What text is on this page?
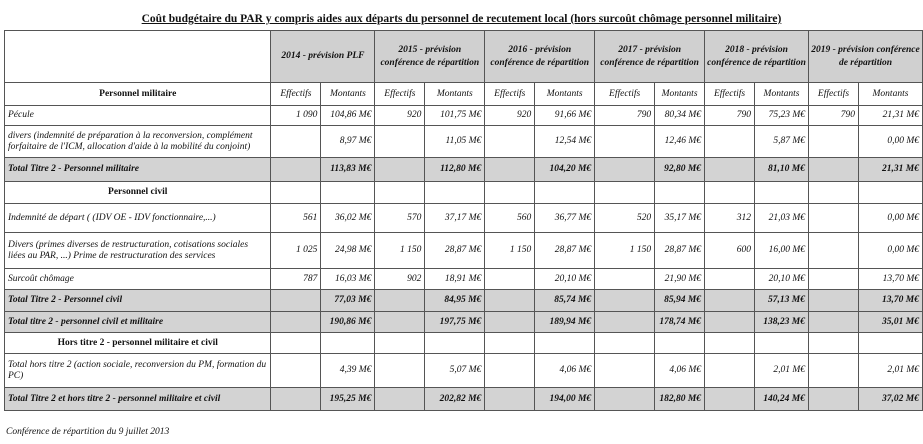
Coût budgétaire du PAR y compris aides aux départs du personnel de recutement local (hors surcoût chômage personnel militaire)
	2014 - prévision PLF		2015 - prévision conférence de répartition		2016 - prévision conférence de répartition		2017 - prévision conférence de répartition		2018 - prévision conférence de répartition		2019 - prévision conférence de répartition	
Personnel militaire	Effectifs	Montants	Effectifs	Montants	Effectifs	Montants	Effectifs	Montants	Effectifs	Montants	Effectifs	Montants
Pécule	1 090	104,86 M€	920	101,75 M€	920	91,66 M€	790	80,34 M€	790	75,23 M€	790	21,31 M€
divers (indemnité de préparation à la reconversion, complément forfaitaire de l'ICM, allocation d'aide à la mobilité du conjoint)		8,97 M€		11,05 M€		12,54 M€		12,46 M€		5,87 M€		0,00 M€
Total Titre 2 - Personnel militaire		113,83 M€		112,80 M€		104,20 M€		92,80 M€		81,10 M€		21,31 M€
Personnel civil												
Indemnité de départ ( (IDV OE - IDV fonctionnaire,...)	561	36,02 M€	570	37,17 M€	560	36,77 M€	520	35,17 M€	312	21,03 M€		0,00 M€
Divers (primes diverses de restructuration, cotisations sociales liées au PAR, ...) Prime de restructuration des services	1 025	24,98 M€	1 150	28,87 M€	1 150	28,87 M€	1 150	28,87 M€	600	16,00 M€		0,00 M€
Surcoût chômage	787	16,03 M€	902	18,91 M€		20,10 M€		21,90 M€		20,10 M€		13,70 M€
Total Titre 2 - Personnel civil		77,03 M€		84,95 M€		85,74 M€		85,94 M€		57,13 M€		13,70 M€
Total titre 2 - personnel civil et militaire		190,86 M€		197,75 M€		189,94 M€		178,74 M€		138,23 M€		35,01 M€
Hors titre 2 - personnel militaire et civil												
Total hors titre 2 (action sociale, reconversion du PM, formation du PC)		4,39 M€		5,07 M€		4,06 M€		4,06 M€		2,01 M€		2,01 M€
Total Titre 2 et hors titre 2 - personnel militaire et civil		195,25 M€		202,82 M€		194,00 M€		182,80 M€		140,24 M€		37,02 M€
Conférence de répartition du 9 juillet 2013
